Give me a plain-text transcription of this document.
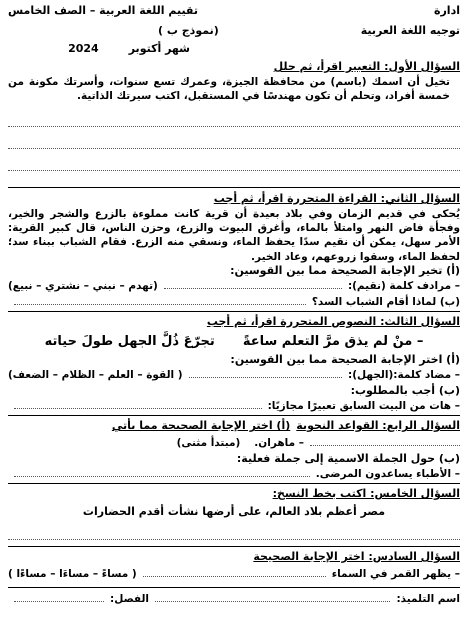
تقييم اللغة العربية – الصف الخامس	ادارة
توجيه اللغة العربية
(نموذج ب )
شهر أكتوبر
2024
السؤال الأول: التعبير اقرأ، ثم حلل
تخيل أن اسمك (باسم) من محافظة الجيزة، وعمرك تسع سنوات، وأسرتك مكونة من خمسة أفراد، وتحلم أن تكون مهندسًا في المستقبل، اكتب سيرتك الذاتية.
السؤال الثاني: القراءة المتحررة اقرأ، ثم أجب
يُحكى في قديم الزمان وفي بلاد بعيدة أن قرية كانت مملوءة بالزرع والشجر والخير، وفجأة فاض النهر وامتلأ بالماء، وأغرق البيوت والزرع، وحزن الناس، قال كبير القرية: الأمر سهل، يمكن أن نقيم سدًا يحفظ الماء، ونسقي منه الزرع. فقام الشباب ببناء سد؛ لحفظ الماء، وسقوا زروعهم، وعاد الخير.
(أ) تخير الإجابة الصحيحة مما بين القوسين:
– مرادف كلمة (نقيم):
(تهدم – نبني – نشتري – نبيع)
(ب) لماذا أقام الشباب السد؟
السؤال الثالث: النصوص المتحررة اقرأ، ثم أجب
– منْ لم يذق مرَّ التعلم ساعةً
تجرّعَ ذُلَّ الجهل طولَ حياته
(أ) اختر الإجابة الصحيحة مما بين القوسين:
– مضاد كلمة:(الجهل):
( القوة – العلم – الظلام – الضعف)
(ب) أجب بالمطلوب:
– هات من البيت السابق تعبيرًا مجازيًا:
السؤال الرابع: القواعد النحوية
(أ) اختر الإجابة الصحيحة مما يأتي
– ماهران.
(مبتدأ مثنى)
(ب) حول الجملة الاسمية إلى جملة فعلية:
– الأطباء يساعدون المرضى.
السؤال الخامس: اكتب بخط النسخ:
مصر أعظم بلاد العالم، على أرضها نشأت أقدم الحضارات
السؤال السادس: اختر الإجابة الصحيحة
– يظهر القمر في السماء
( مساءً – مساءَا – مساءًا )
اسم التلميذ:
الفصل:
